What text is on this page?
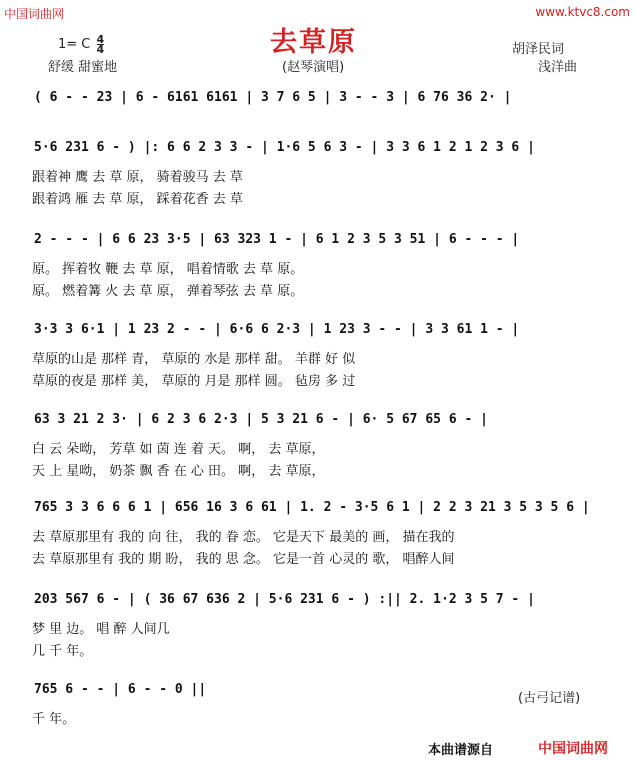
中国词曲网	www.ktvc8.com
去草原
1= C $\frac{4}{4}$
舒缓 甜蜜地	(赵琴演唱)
胡泽民词
浅洋曲
( 6 - - 23 | 6 - 6161 6161 | 3 7 6 5 | 3 - - 3 | 6 76 36 2· |
5·6 231 6 - ) |: 6 6 2 3 3 - | 1·6 5 6 3 - | 3 3 6 1 2 1 2 3 6 |
跟着神 鹰 去 草 原， 骑着骏马 去 草
跟着鸿 雁 去 草 原， 踩着花香 去 草
2 - - - | 6 6 23 3·5 | 63 323 1 - | 6 1 2 3 5 3 51 | 6 - - - |
原。 挥着牧 鞭 去 草 原， 唱着情歌 去 草 原。
原。 燃着篝 火 去 草 原， 弹着琴弦 去 草 原。
3·3 3 6·1 | 1 23 2 - - | 6·6 6 2·3 | 1 23 3 - - | 3 3 61 1 - |
草原的山是 那样 青， 草原的 水是 那样 甜。 羊群 好 似
草原的夜是 那样 美， 草原的 月是 那样 圆。 毡房 多 过
63 3 21 2 3· | 6 2 3 6 2·3 | 5 3 21 6 - | 6· 5 67 65 6 - |
白 云 朵呦， 芳草 如 茵 连 着 天。 啊， 去 草原，
天 上 星呦， 奶茶 飘 香 在 心 田。 啊， 去 草原，
765 3 3 6 6 6 1 | 656 16 3 6 61 | 1. 2 - 3·5 6 1 | 2 2 3 21 3 5 3 5 6 |
去 草原那里有 我的 向 往， 我的 眷 恋。 它是天下 最美的 画， 描在我的
去 草原那里有 我的 期 盼， 我的 思 念。 它是一首 心灵的 歌， 唱醉人间
203 567 6 - | ( 36 67 636 2 | 5·6 231 6 - ) :|| 2. 1·2 3 5 7 - |
梦 里 边。 唱 醉 人间几
几 千 年。
765 6 - - | 6 - - 0 ||
千 年。
(古弓记谱)
本曲谱源自	中国词曲网
